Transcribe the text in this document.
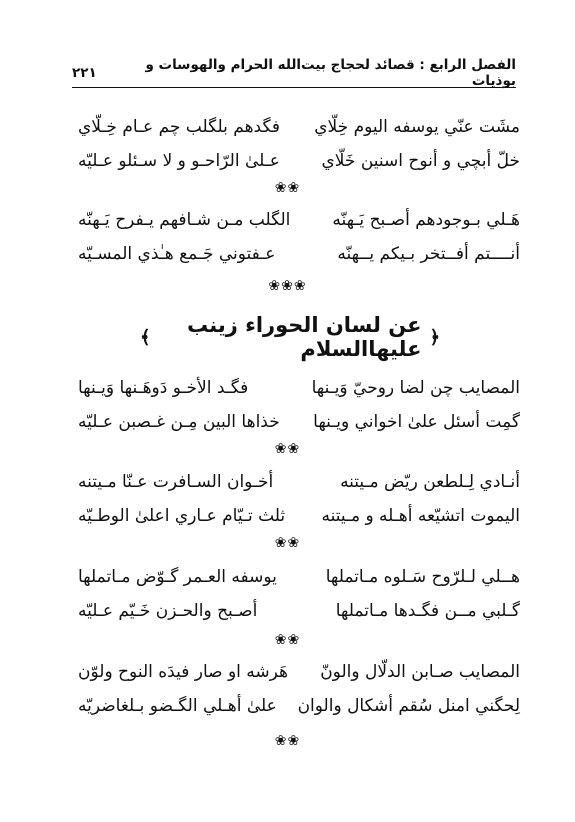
الفصل الرابع : قصائد لحجاج بيت‌الله الحرام والهوسات و بوذيات
۲۲۱
مشَت عنّي يوسفه اليوم خِلّاي
فگدهم بلگلب چم عـام خِـلّاي
خلّ أبچي و أنوح اسنين خَلّاي
عـلىٰ الرّاحـو و لا سـئلو عـليّه
❀❀
هَـلي بـوجودهم أصـبح يَـهنّه
الگلب مـن شـافهم يـفرح يَـهنّه
أنــــتم أفــتخر بـيكم يــهنّه
عـفتوني جَـمع هـٰذي المسـيّه
❀❀❀
﴿
عن لسان الحوراء زينب عليها‌السلام
﴾
المصايب چن لضا روحيّ وَيـنها
فگـد الأخـو دَوهَـنها وَيـنها
گمِت أسئل علىٰ اخواني ويـنها
خذاها البين مِـن غـصبن عـليّه
❀❀
أنـادي لِـلطعن ريّض مـيتنه
أخـوان السـافرت عـنّا مـيتنه
اليموت اتشيّعه أهـله و مـيتنه
ثلث تـيّام عـاري اعلىٰ الوطـيّه
❀❀
هــلي لـلرّوح سَـلوه مـاتملها
يوسفه العـمر گـوّض مـاتملها
گـلبي مــن فگـدها مـاتملها
أصـبح والحـزن خَـيّم عـليّه
❀❀
المصايب صـابن الدلّال والونّ
هَرشه او صار فيدَه النوح ولوّن
لِحگني امنل سُقم أشكال والوان
علىٰ أهـلي الگـضو بـلغاضريّه
❀❀
